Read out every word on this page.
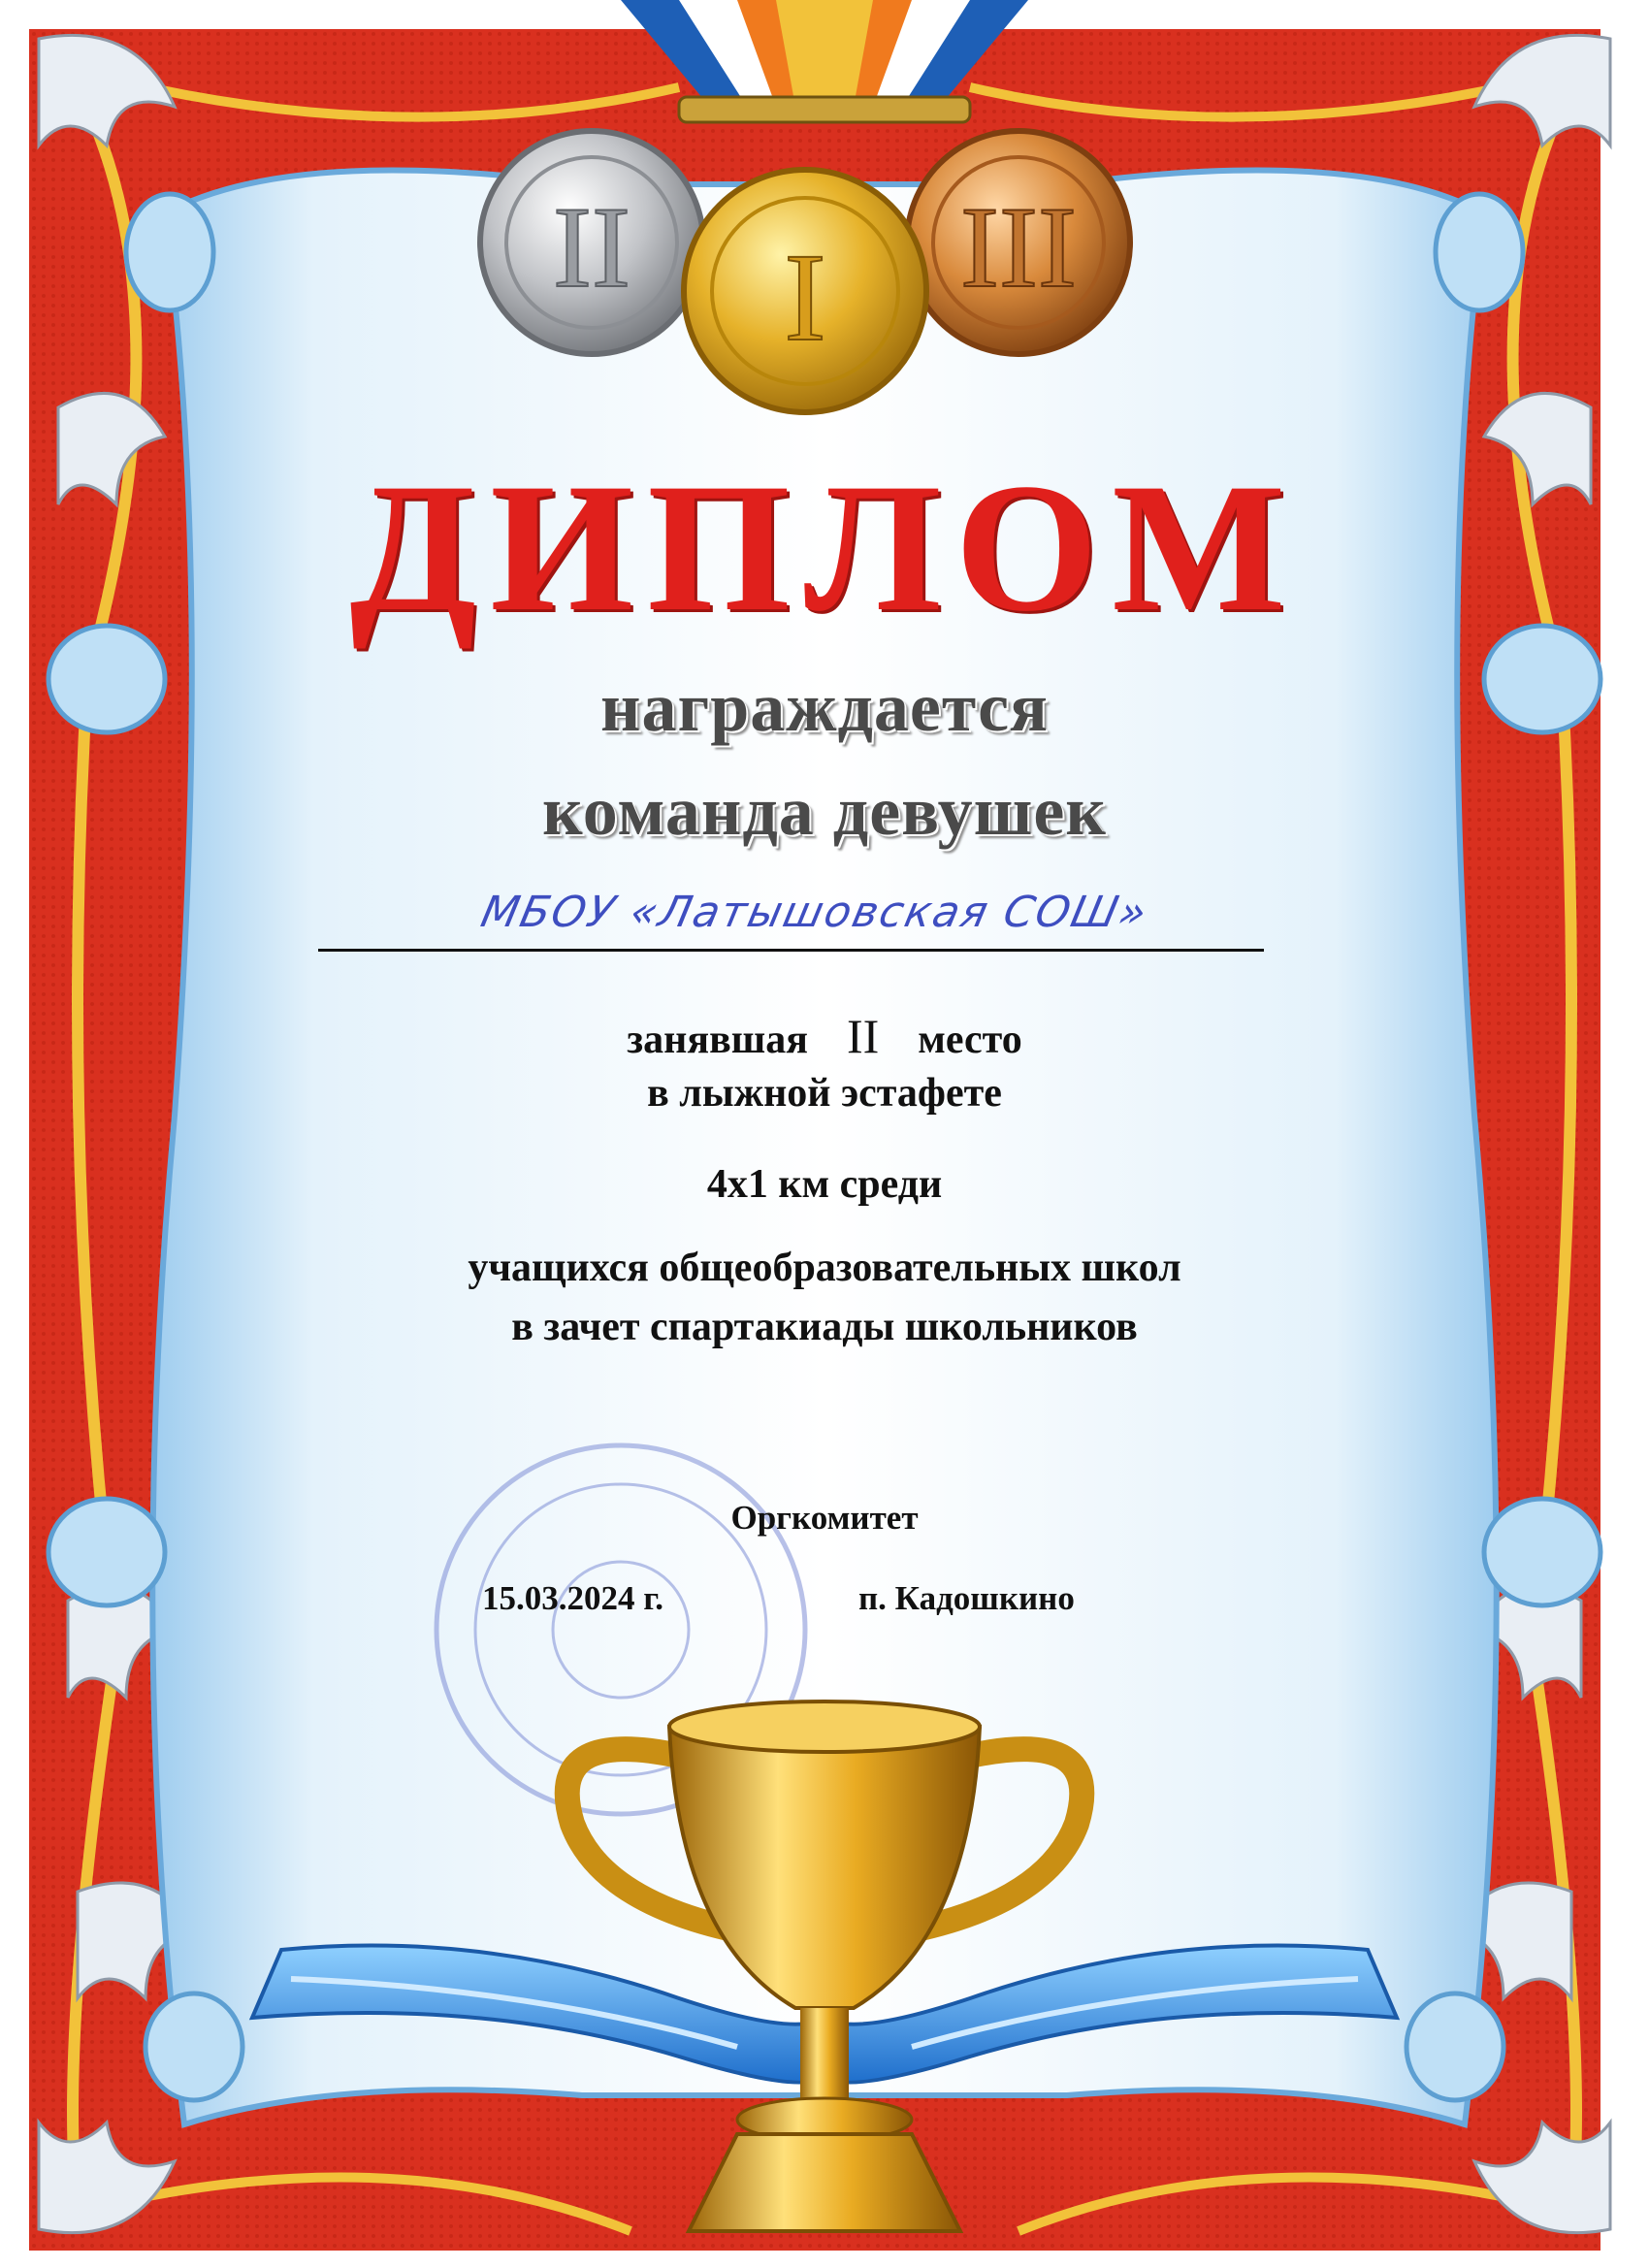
II	III
I
ДИПЛОМ
награждается
команда девушек
МБОУ «Латышовская СОШ»
занявшая II место
в лыжной эстафете
4х1 км среди
учащихся общеобразовательных школ
в зачет спартакиады школьников
Оргкомитет
15.03.2024 г.	п. Кадошкино
